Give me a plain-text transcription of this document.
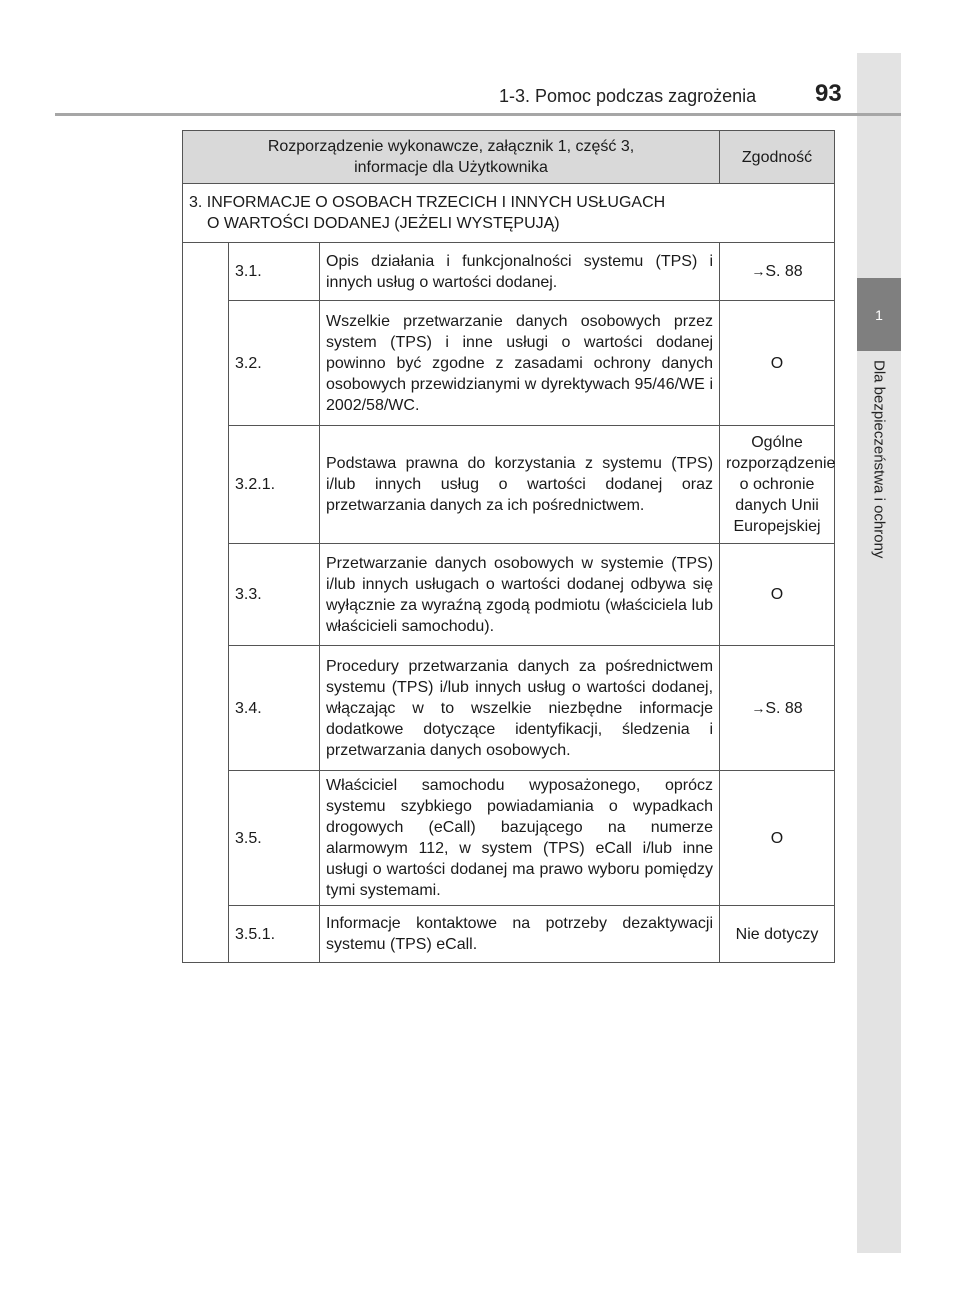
1
Dla bezpieczeństwa i ochrony
1-3. Pomoc podczas zagrożenia 93
Rozporządzenie wykonawcze, załącznik 1, część 3,
informacje dla Użytkownika			Zgodność
3. INFORMACJE O OSOBACH TRZECICH I INNYCH USŁUGACH
O WARTOŚCI DODANEJ (JEŻELI WYSTĘPUJĄ)			

	3.1.	Opis działania i funkcjonalności systemu (TPS) i innych usług o wartości dodanej.	→S. 88
	3.2.	Wszelkie przetwarzanie danych osobowych przez system (TPS) i inne usługi o wartości dodanej powinno być zgodne z zasadami ochrony danych osobowych przewidzianymi w dyrektywach 95/46/WE i 2002/58/WC.	O
	3.2.1.	Podstawa prawna do korzystania z systemu (TPS) i/lub innych usług o wartości dodanej oraz przetwarzania danych za ich pośrednictwem.	Ogólne rozporządzenie o ochronie danych Unii Europejskiej
	3.3.	Przetwarzanie danych osobowych w systemie (TPS) i/lub innych usługach o wartości dodanej odbywa się wyłącznie za wyraźną zgodą podmiotu (właściciela lub właścicieli samochodu).	O
	3.4.	Procedury przetwarzania danych za pośrednictwem systemu (TPS) i/lub innych usług o wartości dodanej, włączając w to wszelkie niezbędne informacje dodatkowe dotyczące identyfikacji, śledzenia i przetwarzania danych osobowych.	→S. 88
	3.5.	Właściciel samochodu wyposażonego, oprócz systemu szybkiego powiadamiania o wypadkach drogowych (eCall) bazującego na numerze alarmowym 112, w system (TPS) eCall i/lub inne usługi o wartości dodanej ma prawo wyboru pomiędzy tymi systemami.	O
	3.5.1.	Informacje kontaktowe na potrzeby dezaktywacji systemu (TPS) eCall.	Nie dotyczy
